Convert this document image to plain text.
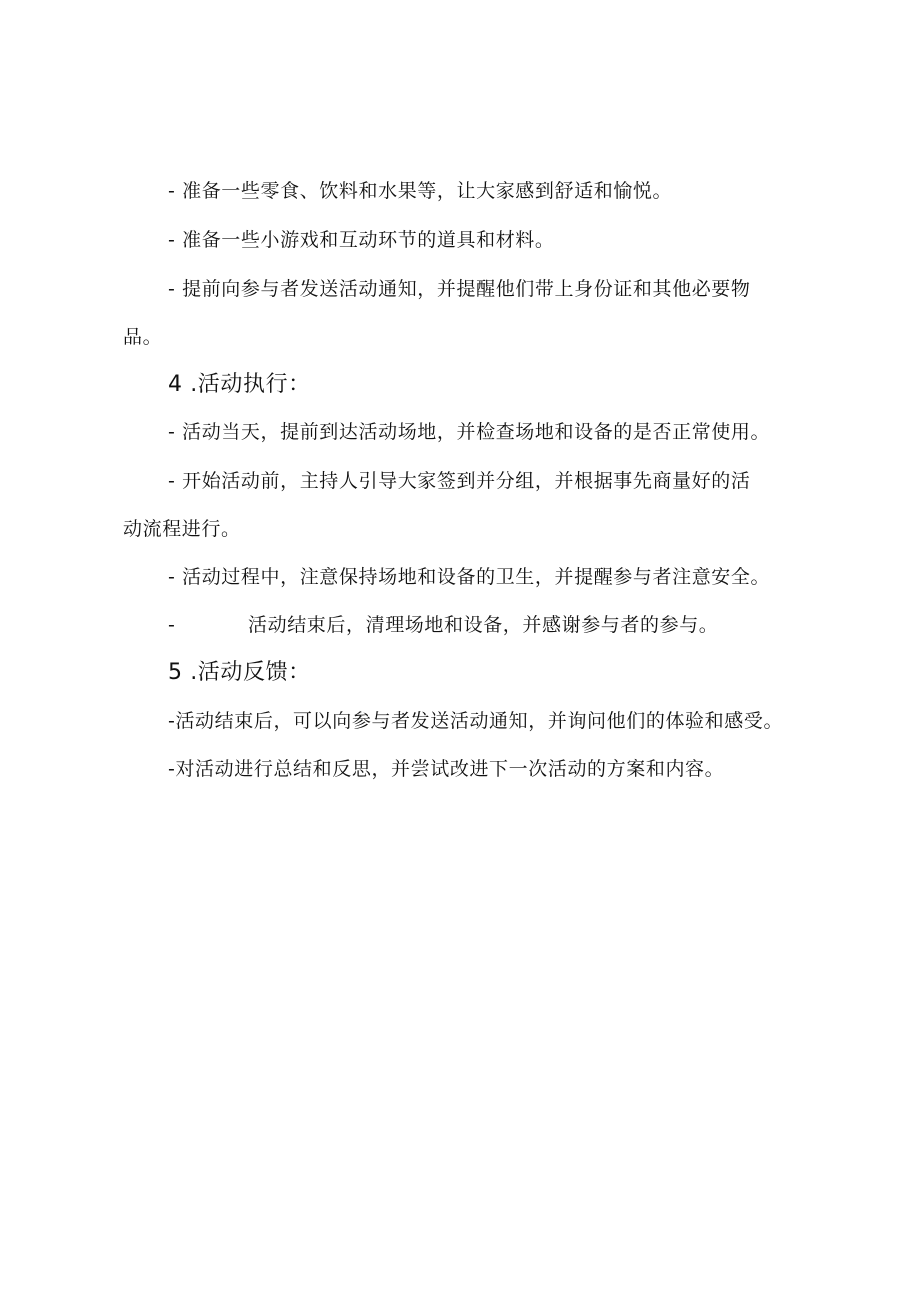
- 准备一些零食、饮料和水果等，让大家感到舒适和愉悦。
- 准备一些小游戏和互动环节的道具和材料。
- 提前向参与者发送活动通知，并提醒他们带上身份证和其他必要物
品。
4 .活动执行：
- 活动当天，提前到达活动场地，并检查场地和设备的是否正常使用。
- 开始活动前，主持人引导大家签到并分组，并根据事先商量好的活
动流程进行。
- 活动过程中，注意保持场地和设备的卫生，并提醒参与者注意安全。
-	活动结束后，清理场地和设备，并感谢参与者的参与。
5 .活动反馈：
-活动结束后，可以向参与者发送活动通知，并询问他们的体验和感受。
-对活动进行总结和反思，并尝试改进下一次活动的方案和内容。
